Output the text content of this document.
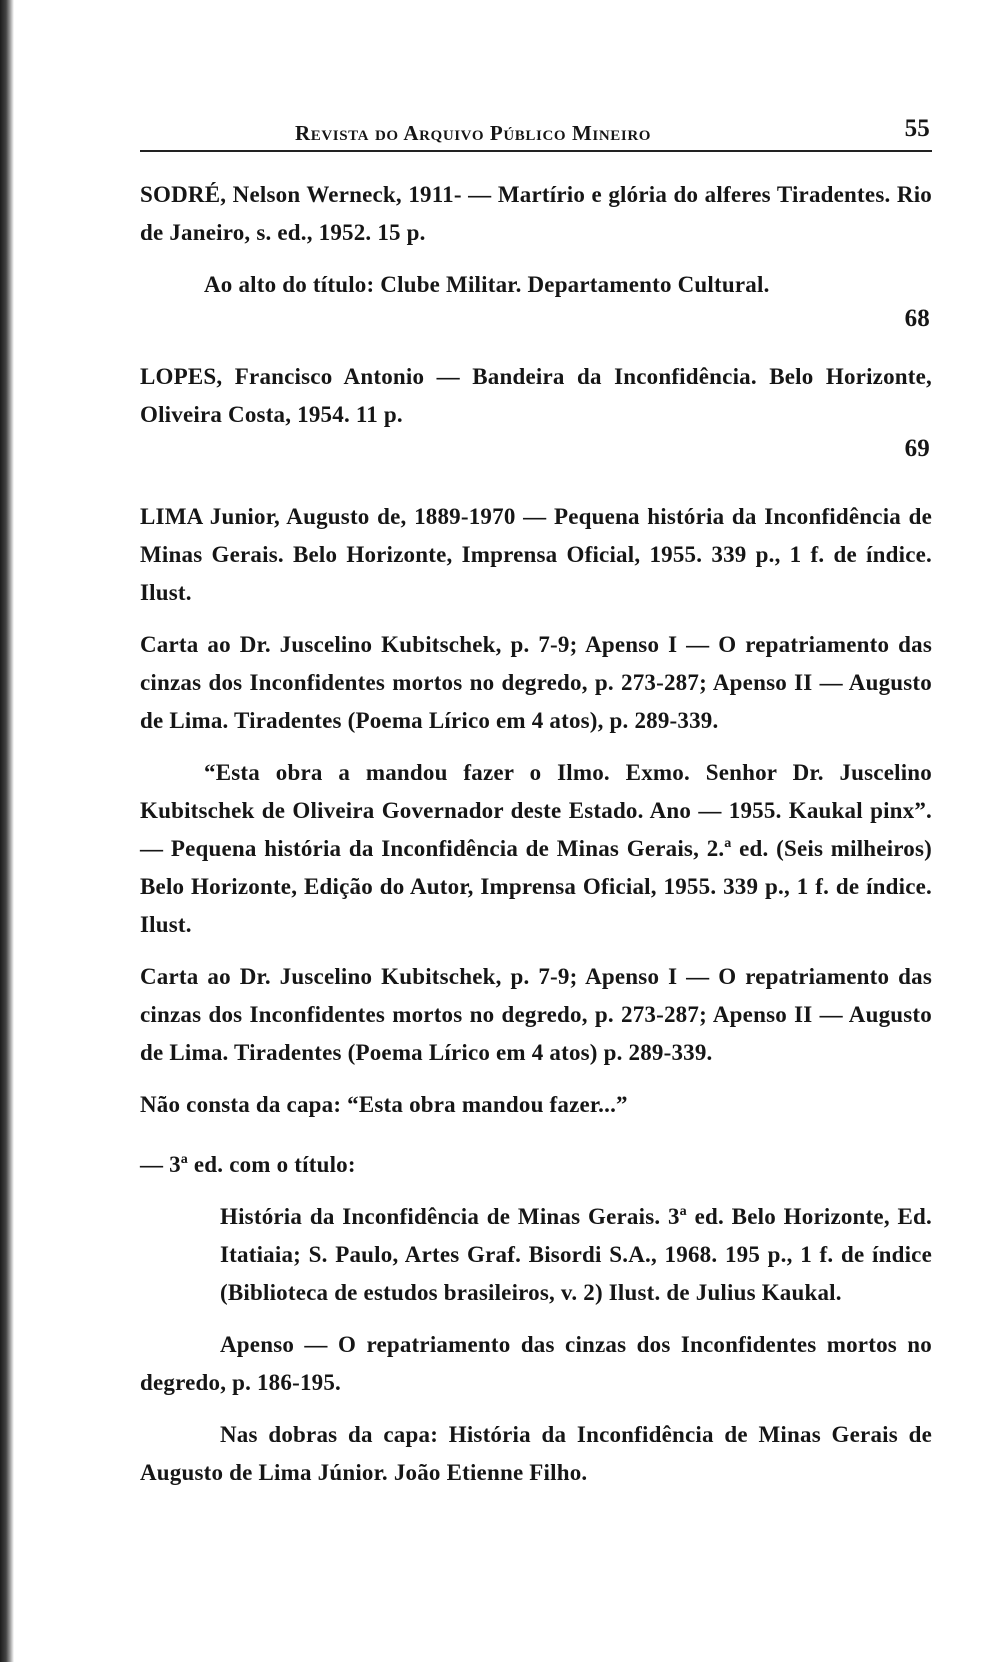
Revista do Arquivo Público Mineiro	55

SODRÉ, Nelson Werneck, 1911- — Martírio e glória do alferes Tiradentes. Rio de Janeiro, s. ed., 1952. 15 p.

Ao alto do título: Clube Militar. Departamento Cultural.

68

LOPES, Francisco Antonio — Bandeira da Inconfidência. Belo Horizonte, Oliveira Costa, 1954. 11 p.

69

LIMA Junior, Augusto de, 1889-1970 — Pequena história da Inconfidência de Minas Gerais. Belo Horizonte, Imprensa Oficial, 1955. 339 p., 1 f. de índice. Ilust.

Carta ao Dr. Juscelino Kubitschek, p. 7-9; Apenso I — O repatriamento das cinzas dos Inconfidentes mortos no degredo, p. 273-287; Apenso II — Augusto de Lima. Tiradentes (Poema Lírico em 4 atos), p. 289-339.

“Esta obra a mandou fazer o Ilmo. Exmo. Senhor Dr. Juscelino Kubitschek de Oliveira Governador deste Estado. Ano — 1955. Kaukal pinx”. — Pequena história da Inconfidência de Minas Gerais, 2.ª ed. (Seis milheiros) Belo Horizonte, Edição do Autor, Imprensa Oficial, 1955. 339 p., 1 f. de índice. Ilust.

Carta ao Dr. Juscelino Kubitschek, p. 7-9; Apenso I — O repatriamento das cinzas dos Inconfidentes mortos no degredo, p. 273-287; Apenso II — Augusto de Lima. Tiradentes (Poema Lírico em 4 atos) p. 289-339.

Não consta da capa: “Esta obra mandou fazer...”

— 3ª ed. com o título:

História da Inconfidência de Minas Gerais. 3ª ed. Belo Horizonte, Ed. Itatiaia; S. Paulo, Artes Graf. Bisordi S.A., 1968. 195 p., 1 f. de índice (Biblioteca de estudos brasileiros, v. 2) Ilust. de Julius Kaukal.

Apenso — O repatriamento das cinzas dos Inconfidentes mortos no degredo, p. 186-195.

Nas dobras da capa: História da Inconfidência de Minas Gerais de Augusto de Lima Júnior. João Etienne Filho.
